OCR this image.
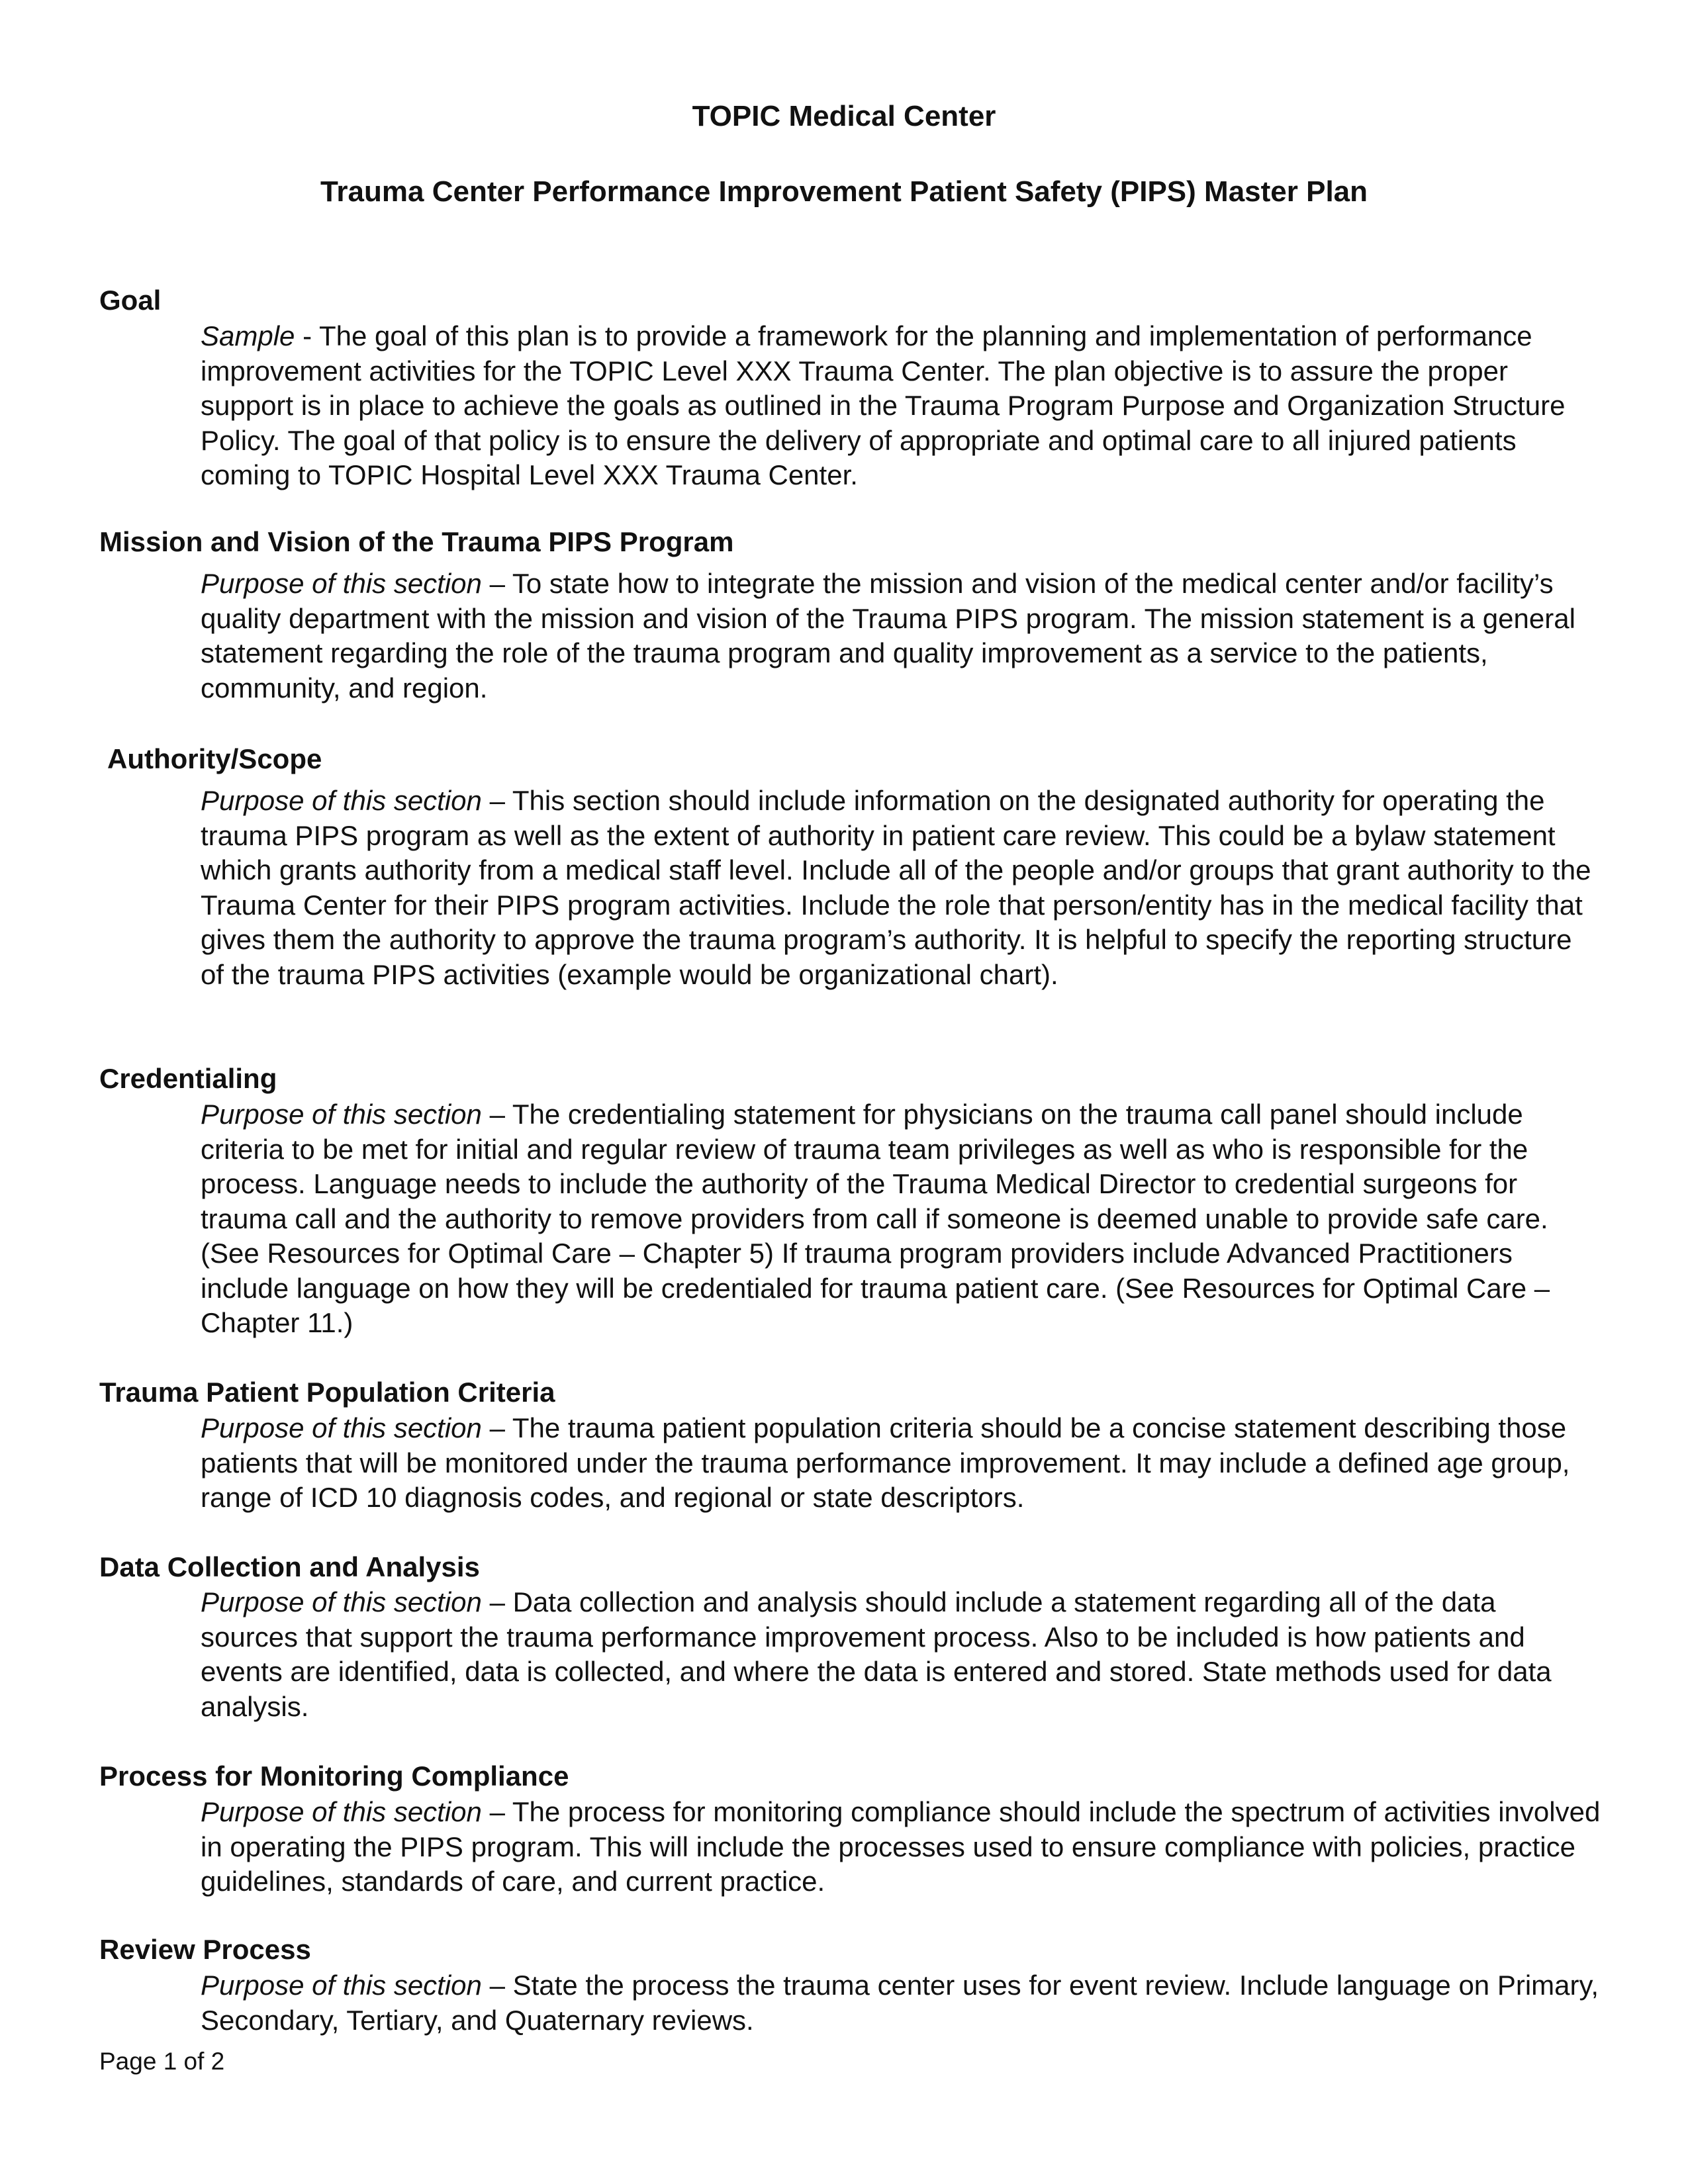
TOPIC Medical Center
Trauma Center Performance Improvement Patient Safety (PIPS) Master Plan
Goal

Sample - The goal of this plan is to provide a framework for the planning and implementation of performance improvement activities for the TOPIC Level XXX Trauma Center. The plan objective is to assure the proper support is in place to achieve the goals as outlined in the Trauma Program Purpose and Organization Structure Policy. The goal of that policy is to ensure the delivery of appropriate and optimal care to all injured patients coming to TOPIC Hospital Level XXX Trauma Center.

Mission and Vision of the Trauma PIPS Program

Purpose of this section – To state how to integrate the mission and vision of the medical center and/or facility’s quality department with the mission and vision of the Trauma PIPS program. The mission statement is a general statement regarding the role of the trauma program and quality improvement as a service to the patients, community, and region.

Authority/Scope

Purpose of this section – This section should include information on the designated authority for operating the trauma PIPS program as well as the extent of authority in patient care review. This could be a bylaw statement which grants authority from a medical staff level. Include all of the people and/or groups that grant authority to the Trauma Center for their PIPS program activities. Include the role that person/entity has in the medical facility that gives them the authority to approve the trauma program’s authority. It is helpful to specify the reporting structure of the trauma PIPS activities (example would be organizational chart).

Credentialing

Purpose of this section – The credentialing statement for physicians on the trauma call panel should include criteria to be met for initial and regular review of trauma team privileges as well as who is responsible for the process. Language needs to include the authority of the Trauma Medical Director to credential surgeons for trauma call and the authority to remove providers from call if someone is deemed unable to provide safe care. (See Resources for Optimal Care – Chapter 5) If trauma program providers include Advanced Practitioners include language on how they will be credentialed for trauma patient care. (See Resources for Optimal Care – Chapter 11.)

Trauma Patient Population Criteria

Purpose of this section – The trauma patient population criteria should be a concise statement describing those patients that will be monitored under the trauma performance improvement. It may include a defined age group, range of ICD 10 diagnosis codes, and regional or state descriptors.

Data Collection and Analysis

Purpose of this section – Data collection and analysis should include a statement regarding all of the data sources that support the trauma performance improvement process. Also to be included is how patients and events are identified, data is collected, and where the data is entered and stored. State methods used for data analysis.

Process for Monitoring Compliance

Purpose of this section – The process for monitoring compliance should include the spectrum of activities involved in operating the PIPS program. This will include the processes used to ensure compliance with policies, practice guidelines, standards of care, and current practice.

Review Process

Purpose of this section – State the process the trauma center uses for event review. Include language on Primary, Secondary, Tertiary, and Quaternary reviews.

Page 1 of 2
